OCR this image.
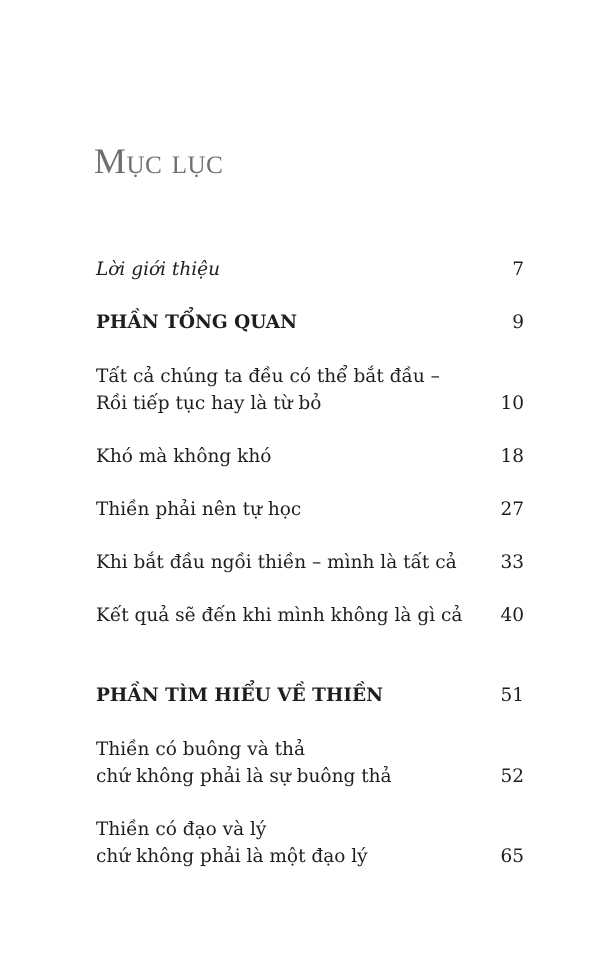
Mục lục
Lời giới thiệu	7
PHẦN TỔNG QUAN	9
Tất cả chúng ta đều có thể bắt đầu –
Rồi tiếp tục hay là từ bỏ	10
Khó mà không khó	18
Thiền phải nên tự học	27
Khi bắt đầu ngồi thiền – mình là tất cả	33
Kết quả sẽ đến khi mình không là gì cả	40
PHẦN TÌM HIỂU VỀ THIỀN	51
Thiền có buông và thả
chứ không phải là sự buông thả	52
Thiền có đạo và lý
chứ không phải là một đạo lý	65
